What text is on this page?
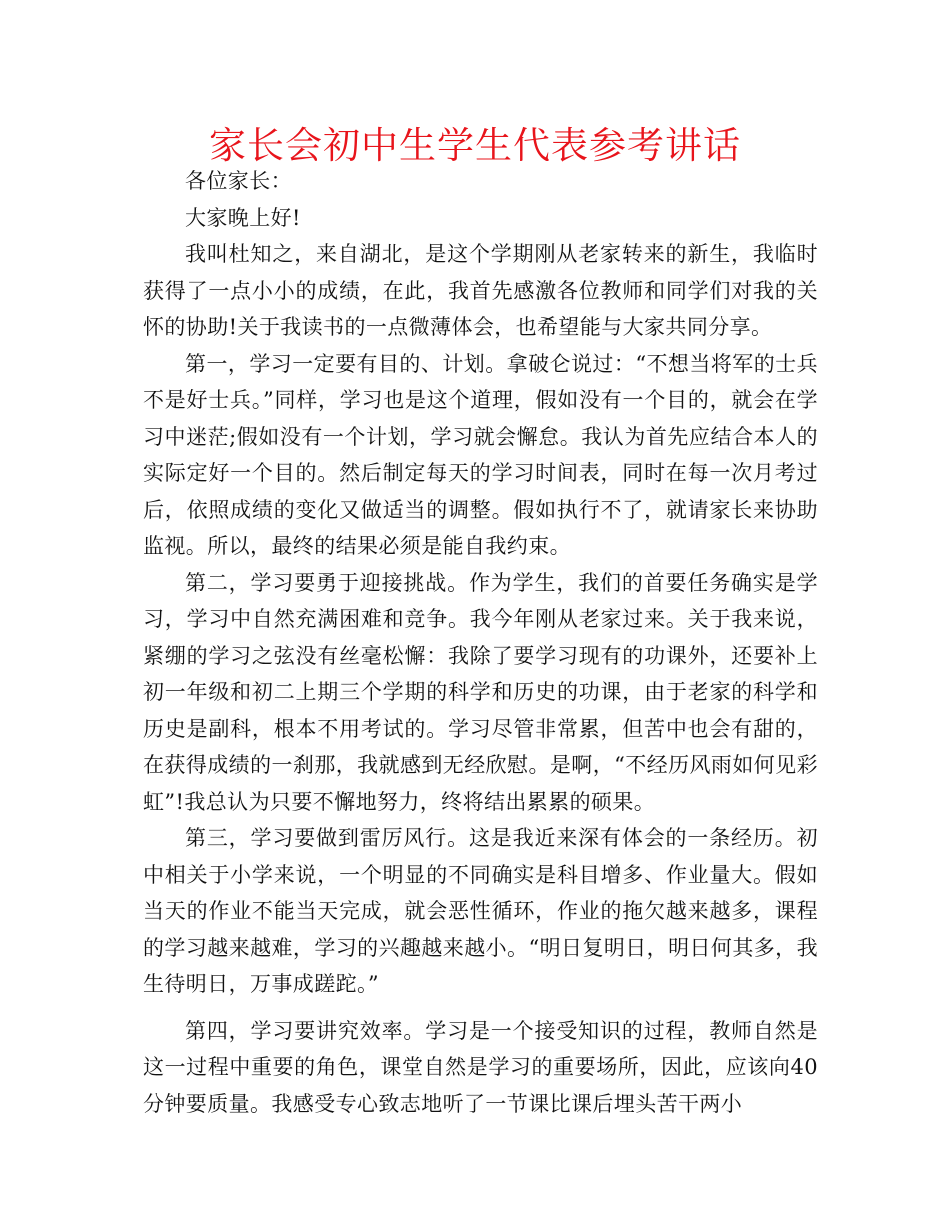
家长会初中生学生代表参考讲话

各位家长：

大家晚上好!

我叫杜知之，来自湖北，是这个学期刚从老家转来的新生，我临时获得了一点小小的成绩，在此，我首先感激各位教师和同学们对我的关怀的协助!关于我读书的一点微薄体会，也希望能与大家共同分享。

第一，学习一定要有目的、计划。拿破仑说过：“不想当将军的士兵不是好士兵。”同样，学习也是这个道理，假如没有一个目的，就会在学习中迷茫;假如没有一个计划，学习就会懈怠。我认为首先应结合本人的实际定好一个目的。然后制定每天的学习时间表，同时在每一次月考过后，依照成绩的变化又做适当的调整。假如执行不了，就请家长来协助监视。所以，最终的结果必须是能自我约束。

第二，学习要勇于迎接挑战。作为学生，我们的首要任务确实是学习，学习中自然充满困难和竞争。我今年刚从老家过来。关于我来说，紧绷的学习之弦没有丝毫松懈：我除了要学习现有的功课外，还要补上初一年级和初二上期三个学期的科学和历史的功课，由于老家的科学和历史是副科，根本不用考试的。学习尽管非常累，但苦中也会有甜的，在获得成绩的一刹那，我就感到无经欣慰。是啊，“不经历风雨如何见彩虹”!我总认为只要不懈地努力，终将结出累累的硕果。

第三，学习要做到雷厉风行。这是我近来深有体会的一条经历。初中相关于小学来说，一个明显的不同确实是科目增多、作业量大。假如当天的作业不能当天完成，就会恶性循环，作业的拖欠越来越多，课程的学习越来越难，学习的兴趣越来越小。“明日复明日，明日何其多，我生待明日，万事成蹉跎。”

第四，学习要讲究效率。学习是一个接受知识的过程，教师自然是这一过程中重要的角色，课堂自然是学习的重要场所，因此，应该向40分钟要质量。我感受专心致志地听了一节课比课后埋头苦干两小
